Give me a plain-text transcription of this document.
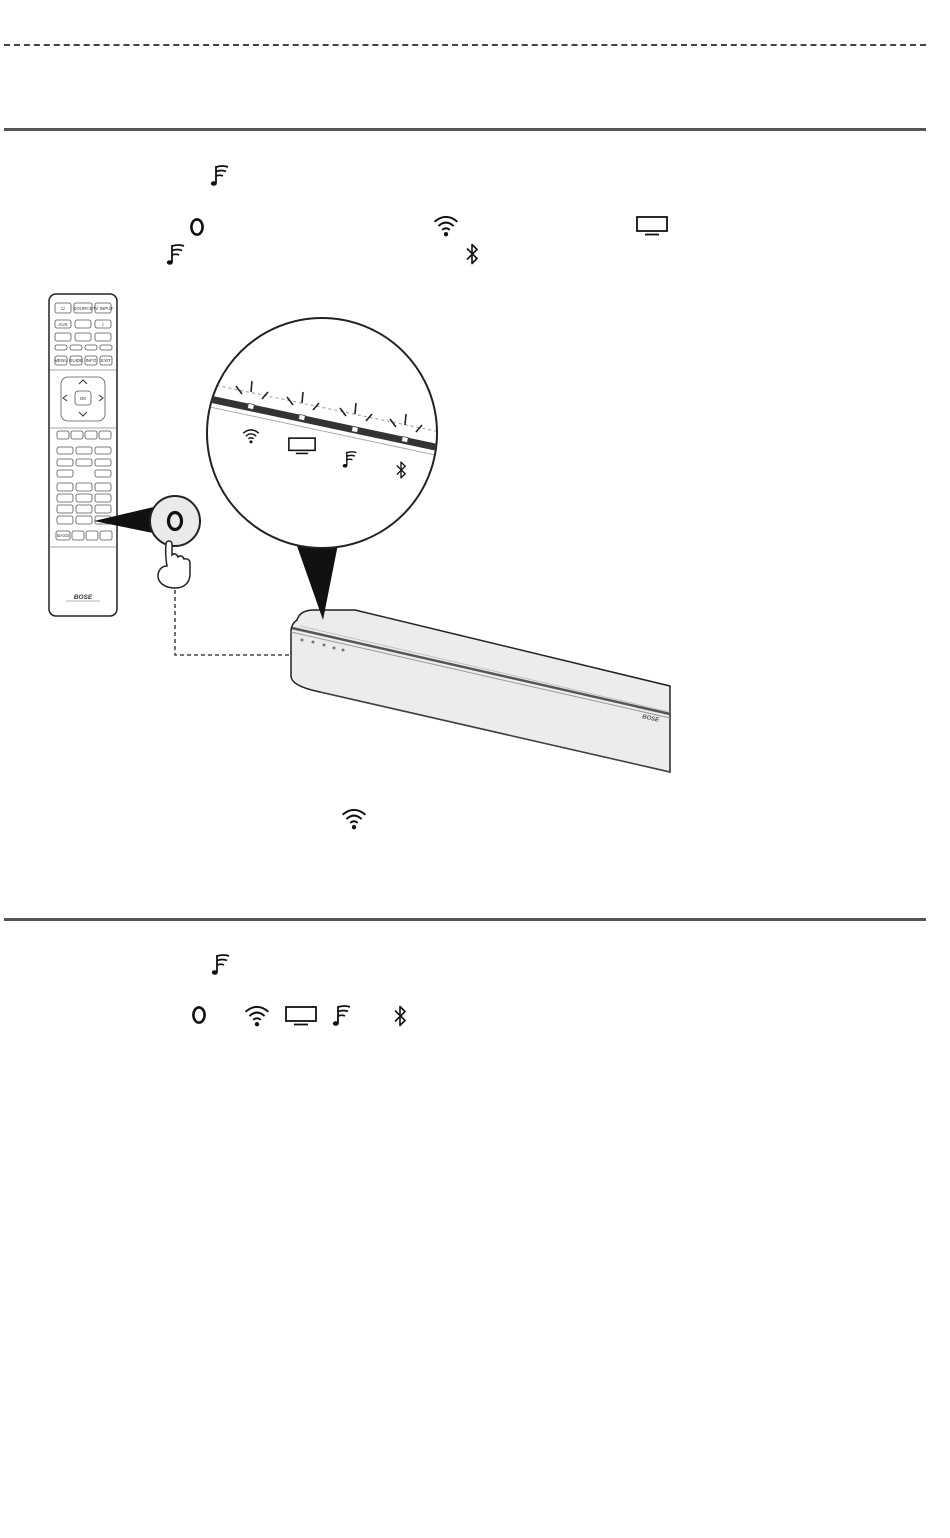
⏻ SOURCE TV INPUT
AUX	ᛒ
MENU GUIDE INFO EXIT
OK
BASS
BOSE
BOSE
